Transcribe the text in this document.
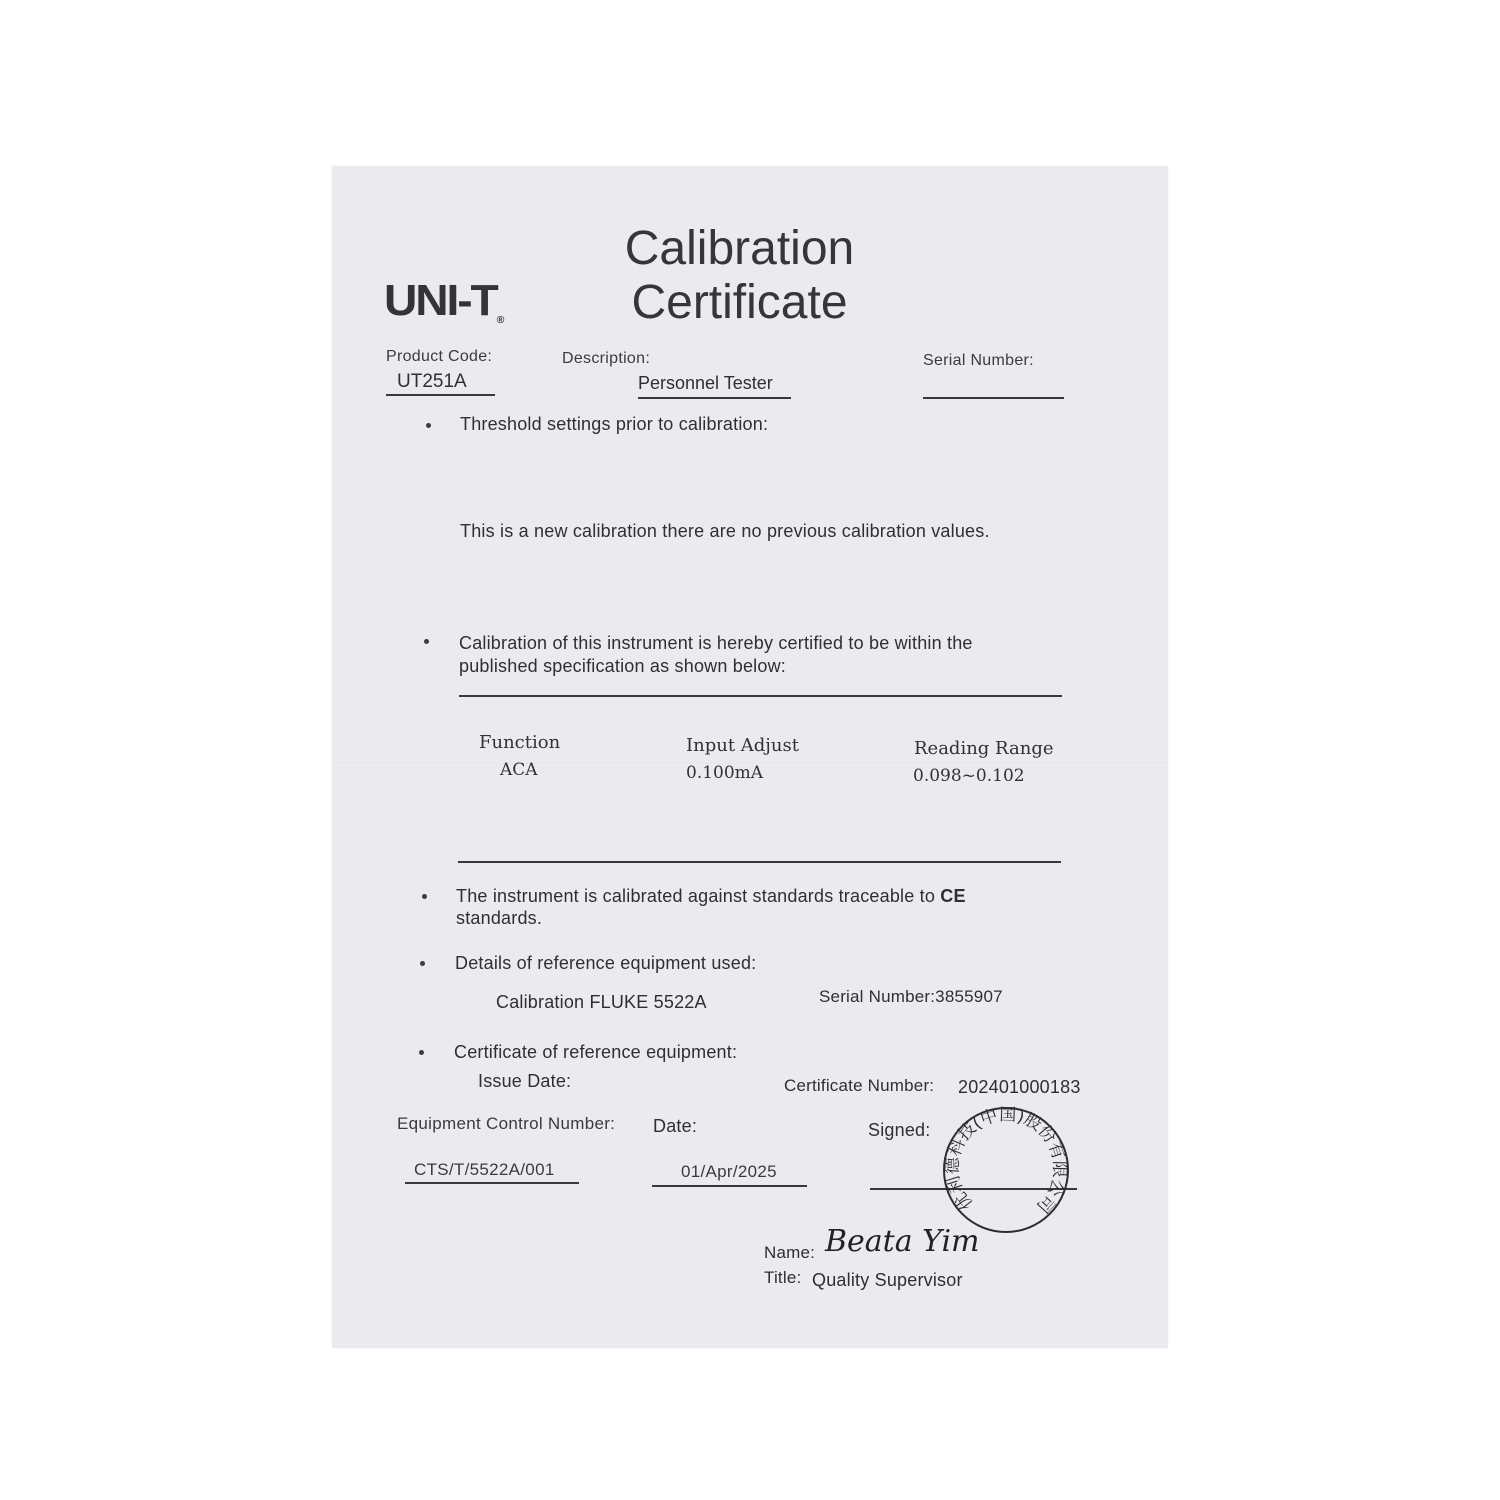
UNI-T®
Calibration Certificate
Product Code:
UT251A
Description:
Personnel Tester
Serial Number:
Threshold settings prior to calibration:
This is a new calibration there are no previous calibration values.
Calibration of this instrument is hereby certified to be within the
published specification as shown below:
Function	Input Adjust	Reading Range
ACA	0.100mA	0.098~0.102
The instrument is calibrated against standards traceable to CE
standards.
Details of reference equipment used:
Calibration FLUKE 5522A	Serial Number:3855907
Certificate of reference equipment:
Issue Date:	Certificate Number: 202401000183
Equipment Control Number:
CTS/T/5522A/001
Date:
01/Apr/2025
Signed:
优利德科技(中国)股份有限公司
Name: Beata Yim
Title: Quality Supervisor
